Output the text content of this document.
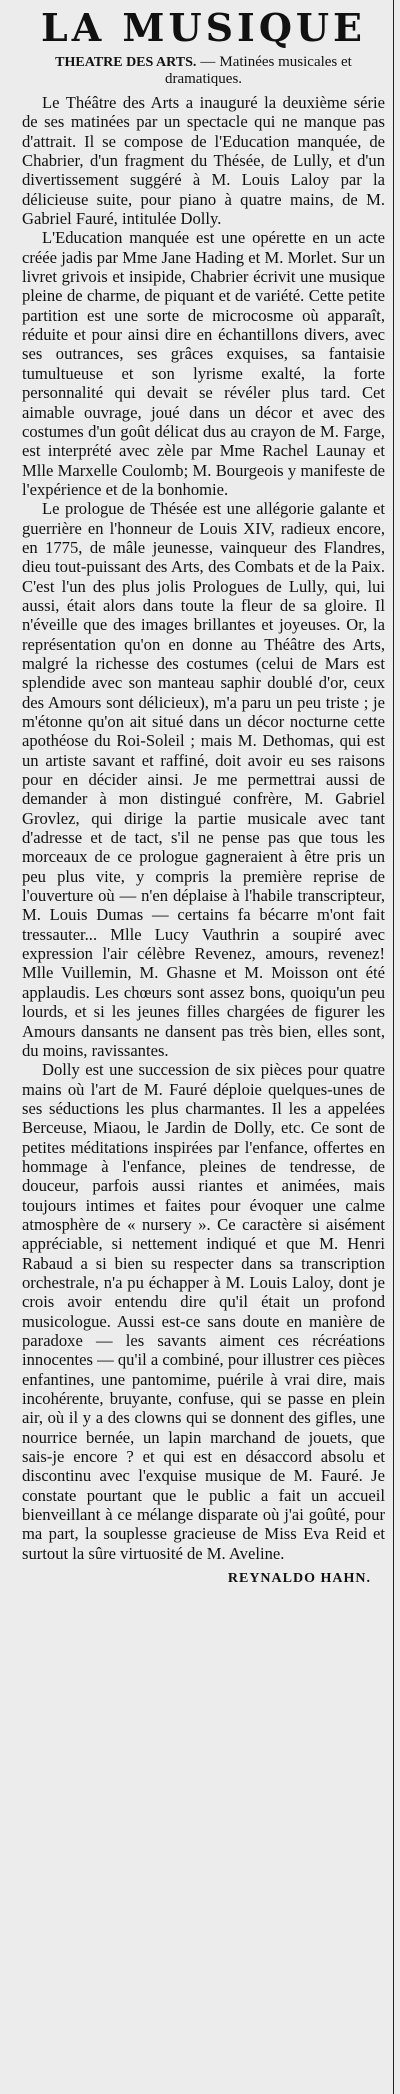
LA MUSIQUE
THEATRE DES ARTS. — Matinées musicales et dramatiques.

Le Théâtre des Arts a inauguré la deuxième série de ses matinées par un spectacle qui ne manque pas d'attrait. Il se compose de l'Education manquée, de Chabrier, d'un fragment du Thésée, de Lully, et d'un divertissement suggéré à M. Louis Laloy par la délicieuse suite, pour piano à quatre mains, de M. Gabriel Fauré, intitulée Dolly.

L'Education manquée est une opérette en un acte créée jadis par Mme Jane Hading et M. Morlet. Sur un livret grivois et insipide, Chabrier écrivit une musique pleine de charme, de piquant et de variété. Cette petite partition est une sorte de microcosme où apparaît, réduite et pour ainsi dire en échantillons divers, avec ses outrances, ses grâces exquises, sa fantaisie tumultueuse et son lyrisme exalté, la forte personnalité qui devait se révéler plus tard. Cet aimable ouvrage, joué dans un décor et avec des costumes d'un goût délicat dus au crayon de M. Farge, est interprété avec zèle par Mme Rachel Launay et Mlle Marxelle Coulomb; M. Bourgeois y manifeste de l'expérience et de la bonhomie.

Le prologue de Thésée est une allégorie galante et guerrière en l'honneur de Louis XIV, radieux encore, en 1775, de mâle jeunesse, vainqueur des Flandres, dieu tout-puissant des Arts, des Combats et de la Paix. C'est l'un des plus jolis Prologues de Lully, qui, lui aussi, était alors dans toute la fleur de sa gloire. Il n'éveille que des images brillantes et joyeuses. Or, la représentation qu'on en donne au Théâtre des Arts, malgré la richesse des costumes (celui de Mars est splendide avec son manteau saphir doublé d'or, ceux des Amours sont délicieux), m'a paru un peu triste ; je m'étonne qu'on ait situé dans un décor nocturne cette apothéose du Roi-Soleil ; mais M. Dethomas, qui est un artiste savant et raffiné, doit avoir eu ses raisons pour en décider ainsi. Je me permettrai aussi de demander à mon distingué confrère, M. Gabriel Grovlez, qui dirige la partie musicale avec tant d'adresse et de tact, s'il ne pense pas que tous les morceaux de ce prologue gagneraient à être pris un peu plus vite, y compris la première reprise de l'ouverture où — n'en déplaise à l'habile transcripteur, M. Louis Dumas — certains fa bécarre m'ont fait tressauter... Mlle Lucy Vauthrin a soupiré avec expression l'air célèbre Revenez, amours, revenez! Mlle Vuillemin, M. Ghasne et M. Moisson ont été applaudis. Les chœurs sont assez bons, quoiqu'un peu lourds, et si les jeunes filles chargées de figurer les Amours dansants ne dansent pas très bien, elles sont, du moins, ravissantes.

Dolly est une succession de six pièces pour quatre mains où l'art de M. Fauré déploie quelques-unes de ses séductions les plus charmantes. Il les a appelées Berceuse, Miaou, le Jardin de Dolly, etc. Ce sont de petites méditations inspirées par l'enfance, offertes en hommage à l'enfance, pleines de tendresse, de douceur, parfois aussi riantes et animées, mais toujours intimes et faites pour évoquer une calme atmosphère de « nursery ». Ce caractère si aisément appréciable, si nettement indiqué et que M. Henri Rabaud a si bien su respecter dans sa transcription orchestrale, n'a pu échapper à M. Louis Laloy, dont je crois avoir entendu dire qu'il était un profond musicologue. Aussi est-ce sans doute en manière de paradoxe — les savants aiment ces récréations innocentes — qu'il a combiné, pour illustrer ces pièces enfantines, une pantomime, puérile à vrai dire, mais incohérente, bruyante, confuse, qui se passe en plein air, où il y a des clowns qui se donnent des gifles, une nourrice bernée, un lapin marchand de jouets, que sais-je encore ? et qui est en désaccord absolu et discontinu avec l'exquise musique de M. Fauré. Je constate pourtant que le public a fait un accueil bienveillant à ce mélange disparate où j'ai goûté, pour ma part, la souplesse gracieuse de Miss Eva Reid et surtout la sûre virtuosité de M. Aveline.

REYNALDO HAHN.
